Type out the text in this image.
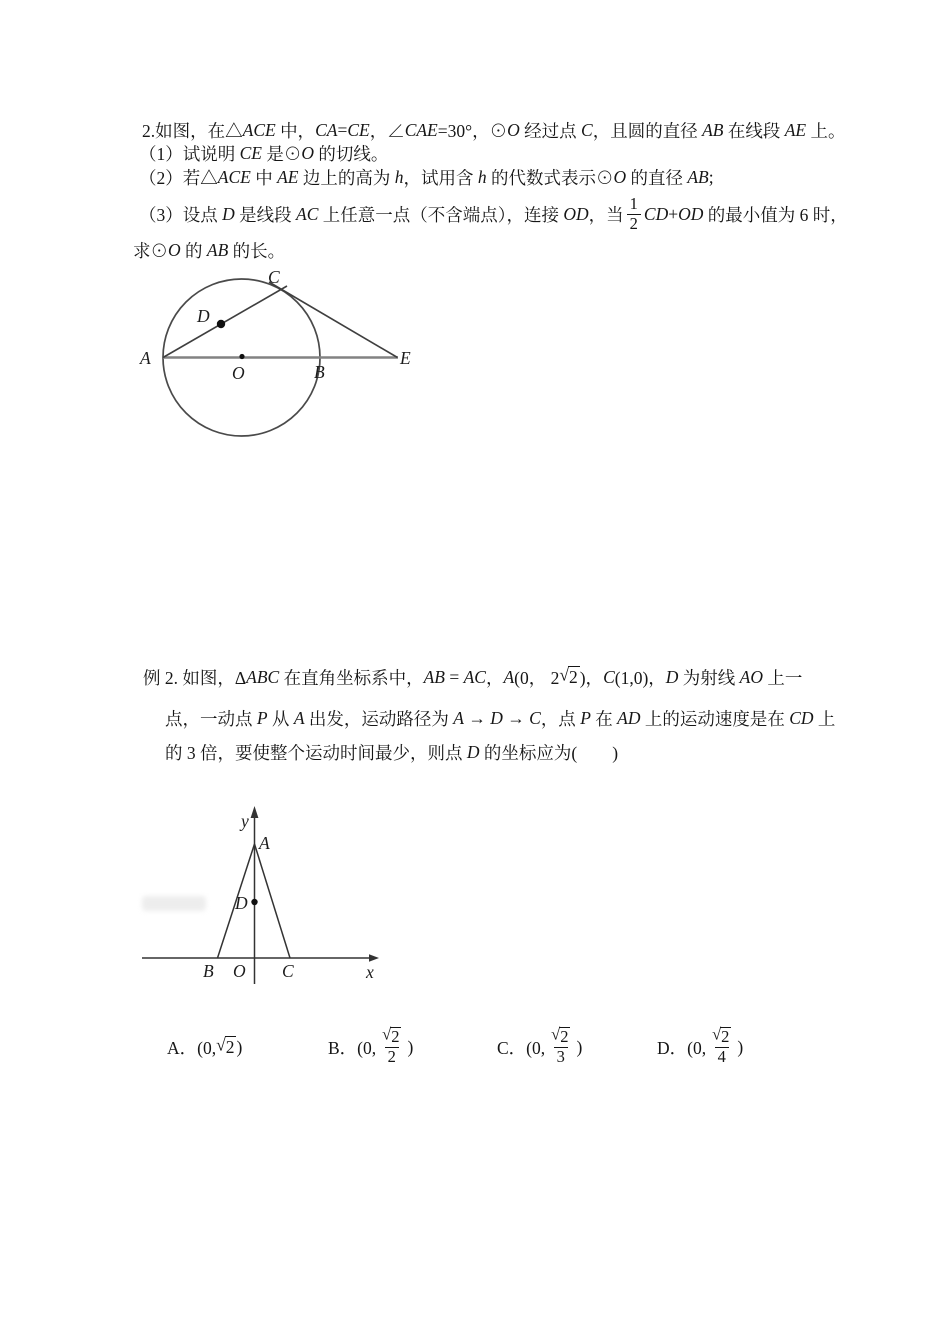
2.如图，在△ ACE 中， CA = CE ，∠ CAE =30°，⊙ O 经过点 C ，且圆的直径 AB 在线段 AE 上。
（1）试说明 CE 是⊙ O 的切线。
（2）若△ ACE 中 AE 边上的高为 h ，试用含 h 的代数式表示⊙ O 的直径 AB ;
（3）设点 D 是线段 AC 上任意一点（不含端点），连接 OD ，当 $\frac{1}{2}$ CD + OD 的最小值为 6 时，
求⊙ O 的 AB 的长。
A
C
D
O	B
E
例 2. 如图，Δ ABC 在直角坐标系中， AB = AC ， A (0， 2 √ 2 )， C (1,0)， D 为射线 AO 上一
点，一动点 P 从 A 出发，运动路径为 A → D → C ，点 P 在 AD 上的运动速度是在 CD 上
的 3 倍，要使整个运动时间最少，则点 D 的坐标应为(        )
y
A
D
B O C	x
A．(0, √ 2 )	B．(0, $\frac{√ 2}{2}$ )	C．(0, $\frac{√ 2}{3}$ )	D．(0, $\frac{√ 2}{4}$ )
